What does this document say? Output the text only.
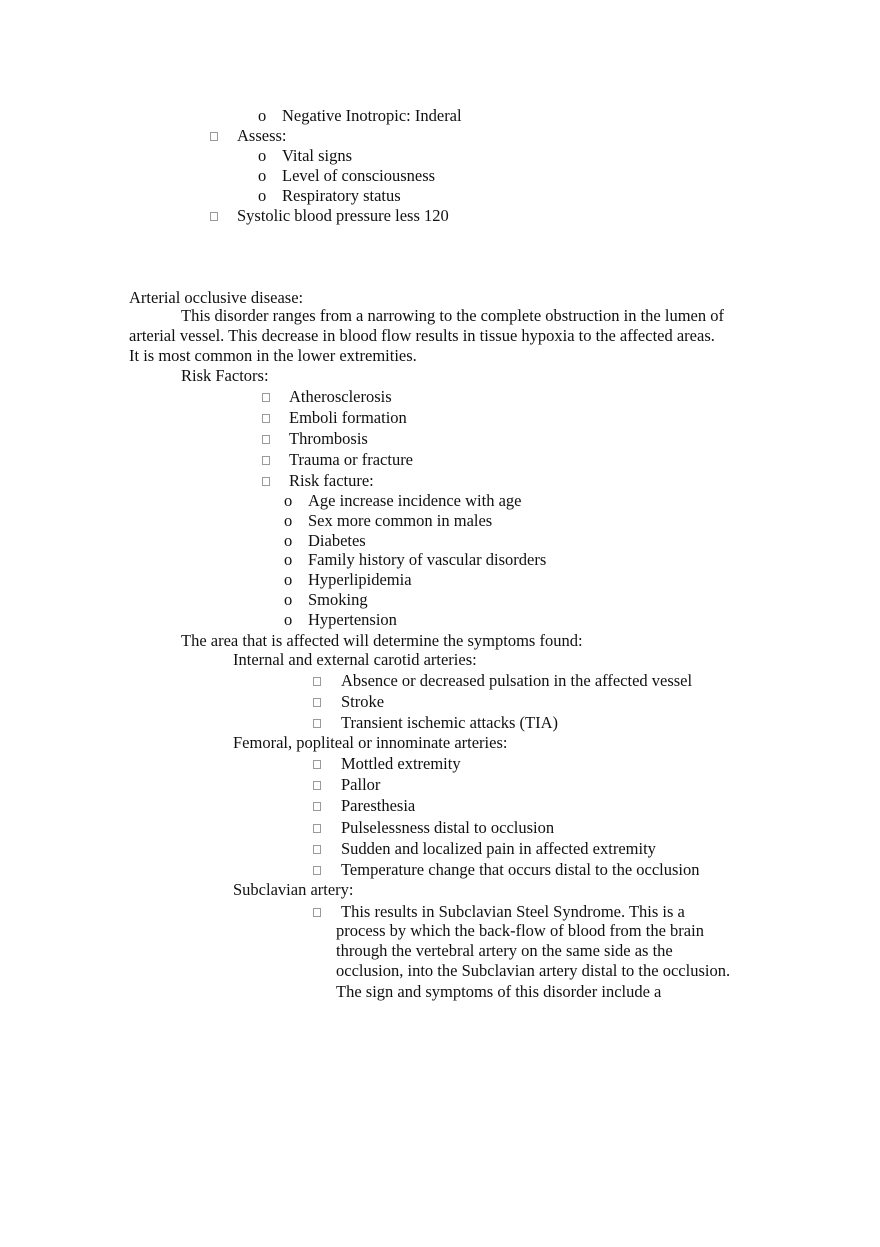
o Negative Inotropic: Inderal
Assess:
o Vital signs
o Level of consciousness
o Respiratory status
Systolic blood pressure less 120
Arterial occlusive disease:
This disorder ranges from a narrowing to the complete obstruction in the lumen of
arterial vessel. This decrease in blood flow results in tissue hypoxia to the affected areas.
It is most common in the lower extremities.
Risk Factors:
Atherosclerosis
Emboli formation
Thrombosis
Trauma or fracture
Risk facture:
o Age increase incidence with age
o Sex more common in males
o Diabetes
o Family history of vascular disorders
o Hyperlipidemia
o Smoking
o Hypertension
The area that is affected will determine the symptoms found:
Internal and external carotid arteries:
Absence or decreased pulsation in the affected vessel
Stroke
Transient ischemic attacks (TIA)
Femoral, popliteal or innominate arteries:
Mottled extremity
Pallor
Paresthesia
Pulselessness distal to occlusion
Sudden and localized pain in affected extremity
Temperature change that occurs distal to the occlusion
Subclavian artery:
This results in Subclavian Steel Syndrome. This is a
process by which the back-flow of blood from the brain
through the vertebral artery on the same side as the
occlusion, into the Subclavian artery distal to the occlusion.
The sign and symptoms of this disorder include a
